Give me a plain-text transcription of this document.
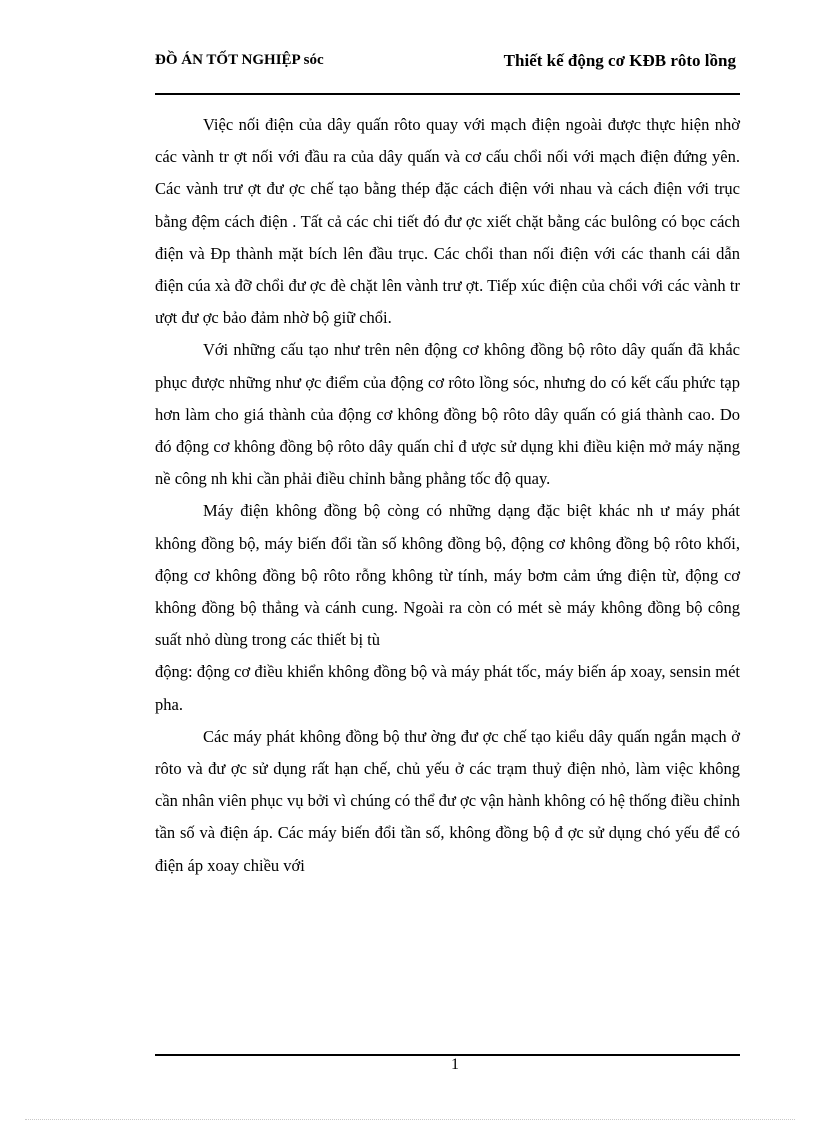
ĐỒ ÁN TỐT NGHIỆP sóc	Thiết kế động cơ KĐB rôto lồng

Việc nối điện của dây quấn rôto quay với mạch điện ngoài được thực hiện nhờ các vành tr ợt nối với đầu ra của dây quấn và cơ cấu chổi nối với mạch điện đứng yên. Các vành trư ợt đư ợc chế tạo bằng thép đặc cách điện với nhau và cách điện với trục bằng đệm cách điện . Tất cả các chi tiết đó đư ợc xiết chặt bằng các bulông có bọc cách điện và Đp thành mặt bích lên đầu trục. Các chổi than nối điện với các thanh cái dẫn điện cúa xà đỡ chổi đư ợc đè chặt lên vành trư ợt. Tiếp xúc điện của chổi với các vành tr ượt đư ợc bảo đảm nhờ bộ giữ chổi.

Với những cấu tạo như trên nên động cơ không đồng bộ rôto dây quấn đã khắc phục được những như ợc điểm của động cơ rôto lồng sóc, nhưng do có kết cấu phức tạp hơn làm cho giá thành của động cơ không đồng bộ rôto dây quấn có giá thành cao. Do đó động cơ không đồng bộ rôto dây quấn chỉ đ ược sử dụng khi điều kiện mở máy nặng nề công nh khi cần phải điều chỉnh bằng phẳng tốc độ quay.

Máy điện không đồng bộ còng có những dạng đặc biệt khác nh ư máy phát không đồng bộ, máy biến đổi tần số không đồng bộ, động cơ không đồng bộ rôto khối, động cơ không đồng bộ rôto rỗng không từ tính, máy bơm cảm ứng điện từ, động cơ không đồng bộ thẳng và cánh cung. Ngoài ra còn có mét sè máy không đồng bộ công suất nhỏ dùng trong các thiết bị tù

động: động cơ điều khiển không đồng bộ và máy phát tốc, máy biến áp xoay, sensin mét pha.

Các máy phát không đồng bộ thư ờng đư ợc chế tạo kiểu dây quấn ngắn mạch ở rôto và đư ợc sử dụng rất hạn chế, chủ yếu ở các trạm thuỷ điện nhỏ, làm việc không cần nhân viên phục vụ bởi vì chúng có thể đư ợc vận hành không có hệ thống điều chỉnh tần số và điện áp. Các máy biến đổi tần số, không đồng bộ đ ợc sử dụng chó yếu để có điện áp xoay chiều với

1
